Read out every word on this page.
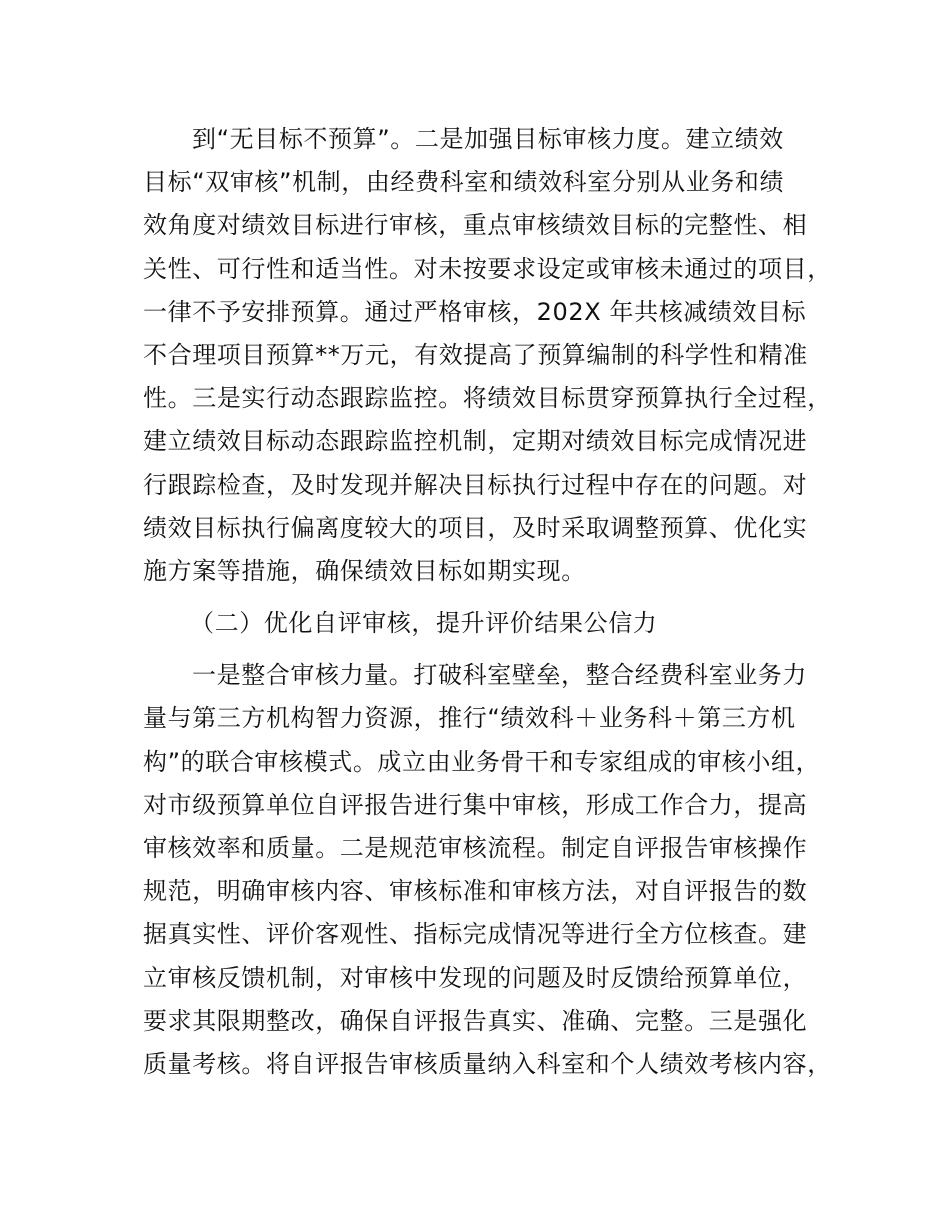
到“无目标不预算”。二是加强目标审核力度。建立绩效
目标“双审核”机制，由经费科室和绩效科室分别从业务和绩
效角度对绩效目标进行审核，重点审核绩效目标的完整性、相
关性、可行性和适当性。对未按要求设定或审核未通过的项目，
一律不予安排预算。通过严格审核，202X 年共核减绩效目标
不合理项目预算**万元，有效提高了预算编制的科学性和精准
性。三是实行动态跟踪监控。将绩效目标贯穿预算执行全过程，
建立绩效目标动态跟踪监控机制，定期对绩效目标完成情况进
行跟踪检查，及时发现并解决目标执行过程中存在的问题。对
绩效目标执行偏离度较大的项目，及时采取调整预算、优化实
施方案等措施，确保绩效目标如期实现。
（二）优化自评审核，提升评价结果公信力
一是整合审核力量。打破科室壁垒，整合经费科室业务力
量与第三方机构智力资源，推行“绩效科＋业务科＋第三方机
构”的联合审核模式。成立由业务骨干和专家组成的审核小组，
对市级预算单位自评报告进行集中审核，形成工作合力，提高
审核效率和质量。二是规范审核流程。制定自评报告审核操作
规范，明确审核内容、审核标准和审核方法，对自评报告的数
据真实性、评价客观性、指标完成情况等进行全方位核查。建
立审核反馈机制，对审核中发现的问题及时反馈给预算单位，
要求其限期整改，确保自评报告真实、准确、完整。三是强化
质量考核。将自评报告审核质量纳入科室和个人绩效考核内容，
